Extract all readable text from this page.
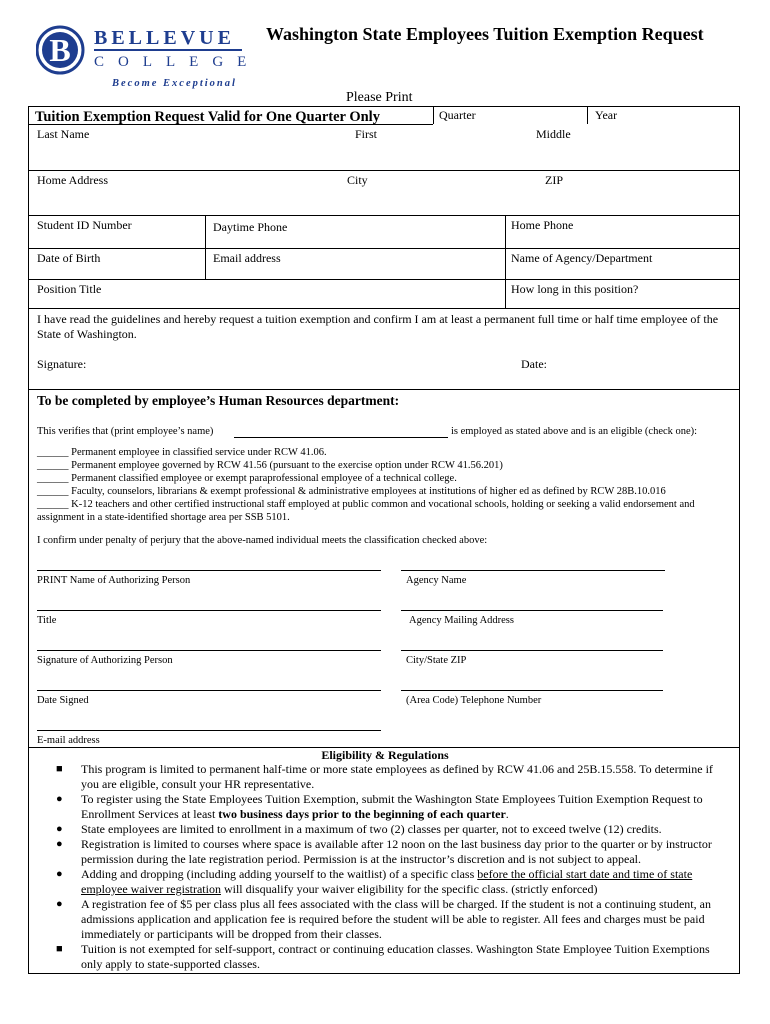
B BELLEVUE
COLLEGE
Become Exceptional
Washington State Employees Tuition Exemption Request
Please Print
Tuition Exemption Request Valid for One Quarter Only	Quarter	Year
Last Name	First	Middle
Home Address	City	ZIP
Student ID Number	Daytime Phone	Home Phone
Date of Birth	Email address	Name of Agency/Department
Position Title	How long in this position?
I have read the guidelines and hereby request a tuition exemption and confirm I am at least a permanent full time or half time employee of the State of Washington.
Signature:	Date:
To be completed by employee’s Human Resources department:
This verifies that (print employee’s name)	is employed as stated above and is an eligible (check one):
______ Permanent employee in classified service under RCW 41.06.
______ Permanent employee governed by RCW 41.56 (pursuant to the exercise option under RCW 41.56.201)
______ Permanent classified employee or exempt paraprofessional employee of a technical college.
______ Faculty, counselors, librarians & exempt professional & administrative employees at institutions of higher ed as defined by RCW 28B.10.016
______ K-12 teachers and other certified instructional staff employed at public common and vocational schools, holding or seeking a valid endorsement and assignment in a state-identified shortage area per SSB 5101.
I confirm under penalty of perjury that the above-named individual meets the classification checked above:
PRINT Name of Authorizing Person	Agency Name
Title	Agency Mailing Address
Signature of Authorizing Person	City/State ZIP
Date Signed	(Area Code) Telephone Number
E-mail address
Eligibility & Regulations
■ This program is limited to permanent half-time or more state employees as defined by RCW 41.06 and 25B.15.558. To determine if you are eligible, consult your HR representative.
● To register using the State Employees Tuition Exemption, submit the Washington State Employees Tuition Exemption Request to Enrollment Services at least two business days prior to the beginning of each quarter.
● State employees are limited to enrollment in a maximum of two (2) classes per quarter, not to exceed twelve (12) credits.
● Registration is limited to courses where space is available after 12 noon on the last business day prior to the quarter or by instructor permission during the late registration period. Permission is at the instructor’s discretion and is not subject to appeal.
● Adding and dropping (including adding yourself to the waitlist) of a specific class before the official start date and time of state employee waiver registration will disqualify your waiver eligibility for the specific class. (strictly enforced)
● A registration fee of $5 per class plus all fees associated with the class will be charged. If the student is not a continuing student, an admissions application and application fee is required before the student will be able to register. All fees and charges must be paid immediately or participants will be dropped from their classes.
■ Tuition is not exempted for self-support, contract or continuing education classes. Washington State Employee Tuition Exemptions only apply to state-supported classes.
